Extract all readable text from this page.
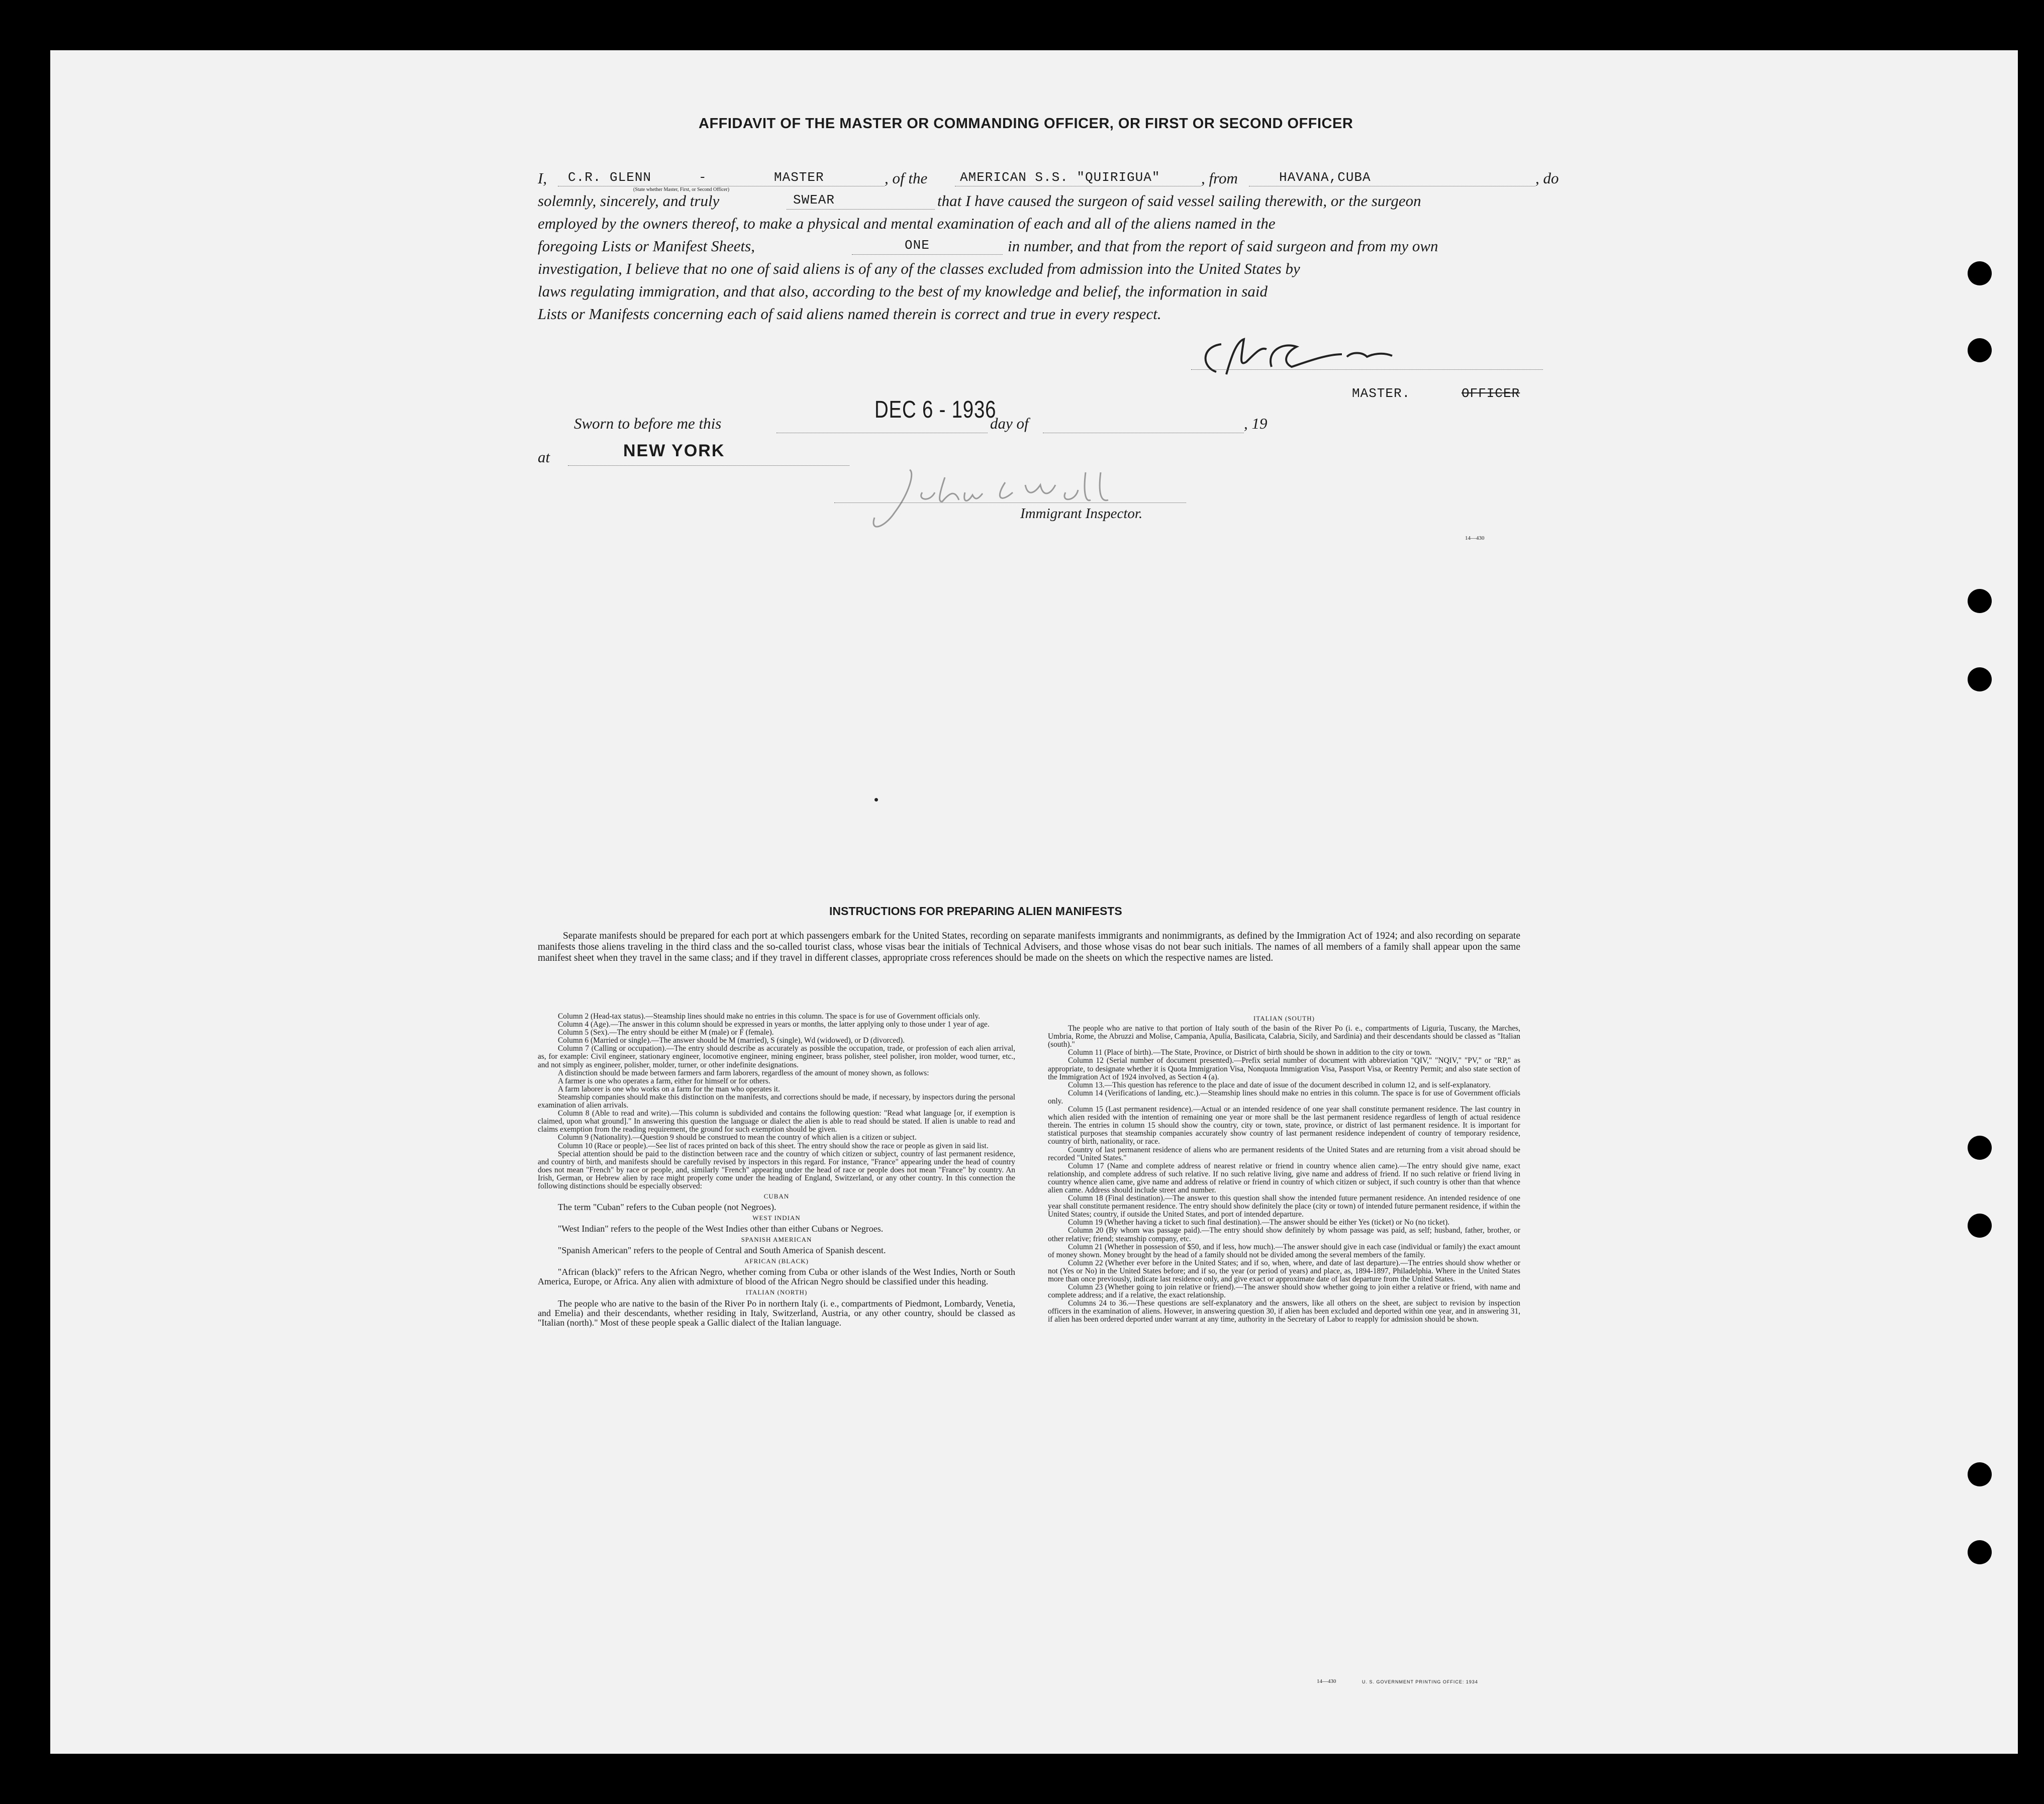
AFFIDAVIT OF THE MASTER OR COMMANDING OFFICER, OR FIRST OR SECOND OFFICER
I, C.R. GLENN	-	MASTER
(State whether Master, First, or Second Officer)
, of the AMERICAN S.S. "QUIRIGUA"	, from	HAVANA,CUBA	, do
solemnly, sincerely, and truly	SWEAR	that I have caused the surgeon of said vessel sailing therewith, or the surgeon
employed by the owners thereof, to make a physical and mental examination of each and all of the aliens named in the
foregoing Lists or Manifest Sheets,	ONE	in number, and that from the report of said surgeon and from my own
investigation, I believe that no one of said aliens is of any of the classes excluded from admission into the United States by
laws regulating immigration, and that also, according to the best of my knowledge and belief, the information in said
Lists or Manifests concerning each of said aliens named therein is correct and true in every respect.
MASTER.	OFFICER
Sworn to before me this
DEC 6 - 1936
day of	, 19
at	NEW YORK
Immigrant Inspector.
14—430
INSTRUCTIONS FOR PREPARING ALIEN MANIFESTS
Separate manifests should be prepared for each port at which passengers embark for the United States, recording on separate manifests immigrants and nonimmigrants, as defined by the Immigration Act of 1924; and also recording on separate manifests those aliens traveling in the third class and the so-called tourist class, whose visas bear the initials of Technical Advisers, and those whose visas do not bear such initials. The names of all members of a family shall appear upon the same manifest sheet when they travel in the same class; and if they travel in different classes, appropriate cross references should be made on the sheets on which the respective names are listed.

Column 2 (Head-tax status).—Steamship lines should make no entries in this column. The space is for use of Government officials only.

Column 4 (Age).—The answer in this column should be expressed in years or months, the latter applying only to those under 1 year of age.

Column 5 (Sex).—The entry should be either M (male) or F (female).

Column 6 (Married or single).—The answer should be M (married), S (single), Wd (widowed), or D (divorced).

Column 7 (Calling or occupation).—The entry should describe as accurately as possible the occupation, trade, or profession of each alien arrival, as, for example: Civil engineer, stationary engineer, locomotive engineer, mining engineer, brass polisher, steel polisher, iron molder, wood turner, etc., and not simply as engineer, polisher, molder, turner, or other indefinite designations.

A distinction should be made between farmers and farm laborers, regardless of the amount of money shown, as follows:

A farmer is one who operates a farm, either for himself or for others.

A farm laborer is one who works on a farm for the man who operates it.

Steamship companies should make this distinction on the manifests, and corrections should be made, if necessary, by inspectors during the personal examination of alien arrivals.

Column 8 (Able to read and write).—This column is subdivided and contains the following question: "Read what language [or, if exemption is claimed, upon what ground]." In answering this question the language or dialect the alien is able to read should be stated. If alien is unable to read and claims exemption from the reading requirement, the ground for such exemption should be given.

Column 9 (Nationality).—Question 9 should be construed to mean the country of which alien is a citizen or subject.

Column 10 (Race or people).—See list of races printed on back of this sheet. The entry should show the race or people as given in said list.

Special attention should be paid to the distinction between race and the country of which citizen or subject, country of last permanent residence, and country of birth, and manifests should be carefully revised by inspectors in this regard. For instance, "France" appearing under the head of country does not mean "French" by race or people, and, similarly "French" appearing under the head of race or people does not mean "France" by country. An Irish, German, or Hebrew alien by race might properly come under the heading of England, Switzerland, or any other country. In this connection the following distinctions should be especially observed:

CUBAN

The term "Cuban" refers to the Cuban people (not Negroes).

WEST INDIAN

"West Indian" refers to the people of the West Indies other than either Cubans or Negroes.

SPANISH AMERICAN

"Spanish American" refers to the people of Central and South America of Spanish descent.

AFRICAN (BLACK)

"African (black)" refers to the African Negro, whether coming from Cuba or other islands of the West Indies, North or South America, Europe, or Africa. Any alien with admixture of blood of the African Negro should be classified under this heading.

ITALIAN (NORTH)

The people who are native to the basin of the River Po in northern Italy (i. e., compartments of Piedmont, Lombardy, Venetia, and Emelia) and their descendants, whether residing in Italy, Switzerland, Austria, or any other country, should be classed as "Italian (north)." Most of these people speak a Gallic dialect of the Italian language.

ITALIAN (SOUTH)

The people who are native to that portion of Italy south of the basin of the River Po (i. e., compartments of Liguria, Tuscany, the Marches, Umbria, Rome, the Abruzzi and Molise, Campania, Apulia, Basilicata, Calabria, Sicily, and Sardinia) and their descendants should be classed as "Italian (south)."

Column 11 (Place of birth).—The State, Province, or District of birth should be shown in addition to the city or town.

Column 12 (Serial number of document presented).—Prefix serial number of document with abbreviation "QIV," "NQIV," "PV," or "RP," as appropriate, to designate whether it is Quota Immigration Visa, Nonquota Immigration Visa, Passport Visa, or Reentry Permit; and also state section of the Immigration Act of 1924 involved, as Section 4 (a).

Column 13.—This question has reference to the place and date of issue of the document described in column 12, and is self-explanatory.

Column 14 (Verifications of landing, etc.).—Steamship lines should make no entries in this column. The space is for use of Government officials only.

Column 15 (Last permanent residence).—Actual or an intended residence of one year shall constitute permanent residence. The last country in which alien resided with the intention of remaining one year or more shall be the last permanent residence regardless of length of actual residence therein. The entries in column 15 should show the country, city or town, state, province, or district of last permanent residence. It is important for statistical purposes that steamship companies accurately show country of last permanent residence independent of country of temporary residence, country of birth, nationality, or race.

Country of last permanent residence of aliens who are permanent residents of the United States and are returning from a visit abroad should be recorded "United States."

Column 17 (Name and complete address of nearest relative or friend in country whence alien came).—The entry should give name, exact relationship, and complete address of such relative. If no such relative living, give name and address of friend. If no such relative or friend living in country whence alien came, give name and address of relative or friend in country of which citizen or subject, if such country is other than that whence alien came. Address should include street and number.

Column 18 (Final destination).—The answer to this question shall show the intended future permanent residence. An intended residence of one year shall constitute permanent residence. The entry should show definitely the place (city or town) of intended future permanent residence, if within the United States; country, if outside the United States, and port of intended departure.

Column 19 (Whether having a ticket to such final destination).—The answer should be either Yes (ticket) or No (no ticket).

Column 20 (By whom was passage paid).—The entry should show definitely by whom passage was paid, as self; husband, father, brother, or other relative; friend; steamship company, etc.

Column 21 (Whether in possession of $50, and if less, how much).—The answer should give in each case (individual or family) the exact amount of money shown. Money brought by the head of a family should not be divided among the several members of the family.

Column 22 (Whether ever before in the United States; and if so, when, where, and date of last departure).—The entries should show whether or not (Yes or No) in the United States before; and if so, the year (or period of years) and place, as, 1894-1897, Philadelphia. Where in the United States more than once previously, indicate last residence only, and give exact or approximate date of last departure from the United States.

Column 23 (Whether going to join relative or friend).—The answer should show whether going to join either a relative or friend, with name and complete address; and if a relative, the exact relationship.

Columns 24 to 36.—These questions are self-explanatory and the answers, like all others on the sheet, are subject to revision by inspection officers in the examination of aliens. However, in answering question 30, if alien has been excluded and deported within one year, and in answering 31, if alien has been ordered deported under warrant at any time, authority in the Secretary of Labor to reapply for admission should be shown.

14—430	U. S. GOVERNMENT PRINTING OFFICE: 1934
